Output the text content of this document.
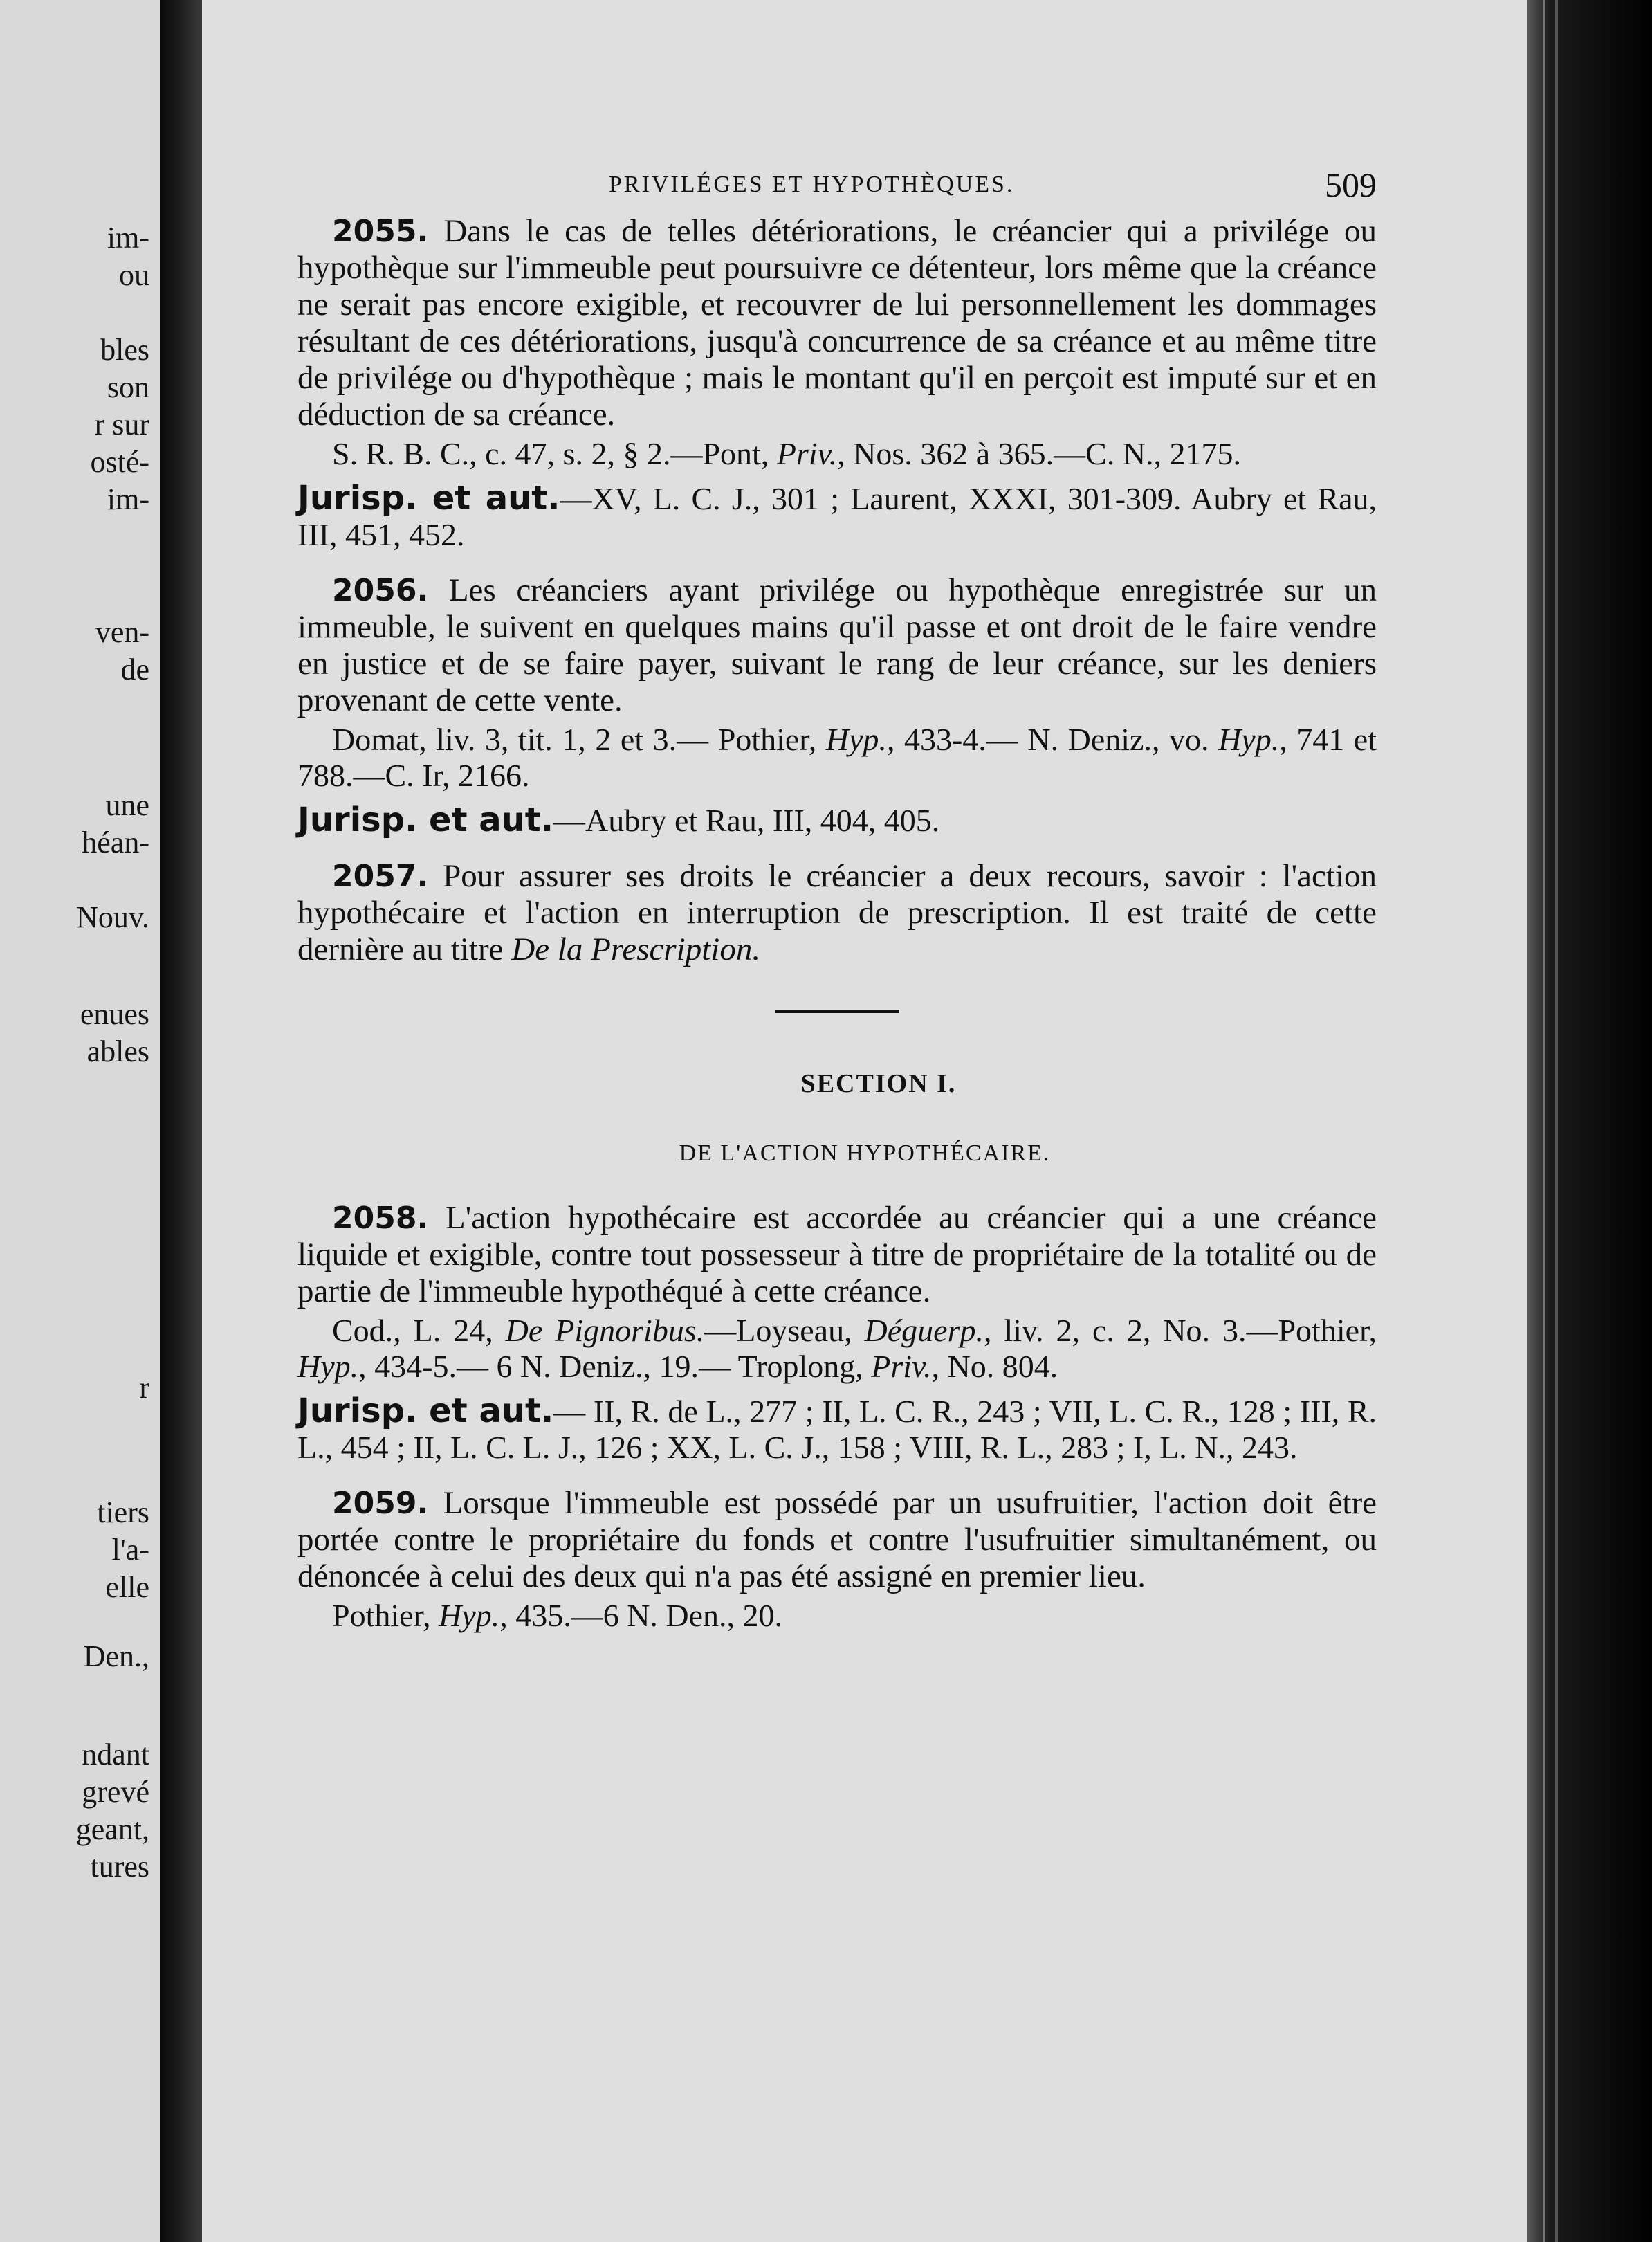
im-
ou
bles
son
r sur
osté-
im-
ven-
de
une
héan-
Nouv.
enues
ables
r
tiers
l'a-
elle
Den.,
ndant
grevé
geant,
tures
PRIVILÉGES ET HYPOTHÈQUES.	509

2055. Dans le cas de telles détériorations, le créancier qui a privilége ou hypothèque sur l'immeuble peut poursuivre ce détenteur, lors même que la créance ne serait pas encore exigible, et recouvrer de lui personnellement les dommages résultant de ces détériorations, jusqu'à concurrence de sa créance et au même titre de privilége ou d'hypothèque ; mais le montant qu'il en perçoit est imputé sur et en déduction de sa créance.

S. R. B. C., c. 47, s. 2, § 2.—Pont, Priv., Nos. 362 à 365.—C. N., 2175.

Jurisp. et aut.—XV, L. C. J., 301 ; Laurent, XXXI, 301-309. Aubry et Rau, III, 451, 452.

2056. Les créanciers ayant privilége ou hypothèque enregistrée sur un immeuble, le suivent en quelques mains qu'il passe et ont droit de le faire vendre en justice et de se faire payer, suivant le rang de leur créance, sur les deniers provenant de cette vente.

Domat, liv. 3, tit. 1, 2 et 3.— Pothier, Hyp., 433-4.— N. Deniz., vo. Hyp., 741 et 788.—C. Ir, 2166.

Jurisp. et aut.—Aubry et Rau, III, 404, 405.

2057. Pour assurer ses droits le créancier a deux recours, savoir : l'action hypothécaire et l'action en interruption de prescription. Il est traité de cette dernière au titre De la Prescription.

SECTION I.
DE L'ACTION HYPOTHÉCAIRE.

2058. L'action hypothécaire est accordée au créancier qui a une créance liquide et exigible, contre tout possesseur à titre de propriétaire de la totalité ou de partie de l'immeuble hypothéqué à cette créance.

Cod., L. 24, De Pignoribus.—Loyseau, Déguerp., liv. 2, c. 2, No. 3.—Pothier, Hyp., 434-5.— 6 N. Deniz., 19.— Troplong, Priv., No. 804.

Jurisp. et aut.— II, R. de L., 277 ; II, L. C. R., 243 ; VII, L. C. R., 128 ; III, R. L., 454 ; II, L. C. L. J., 126 ; XX, L. C. J., 158 ; VIII, R. L., 283 ; I, L. N., 243.

2059. Lorsque l'immeuble est possédé par un usufruitier, l'action doit être portée contre le propriétaire du fonds et contre l'usufruitier simultanément, ou dénoncée à celui des deux qui n'a pas été assigné en premier lieu.

Pothier, Hyp., 435.—6 N. Den., 20.
